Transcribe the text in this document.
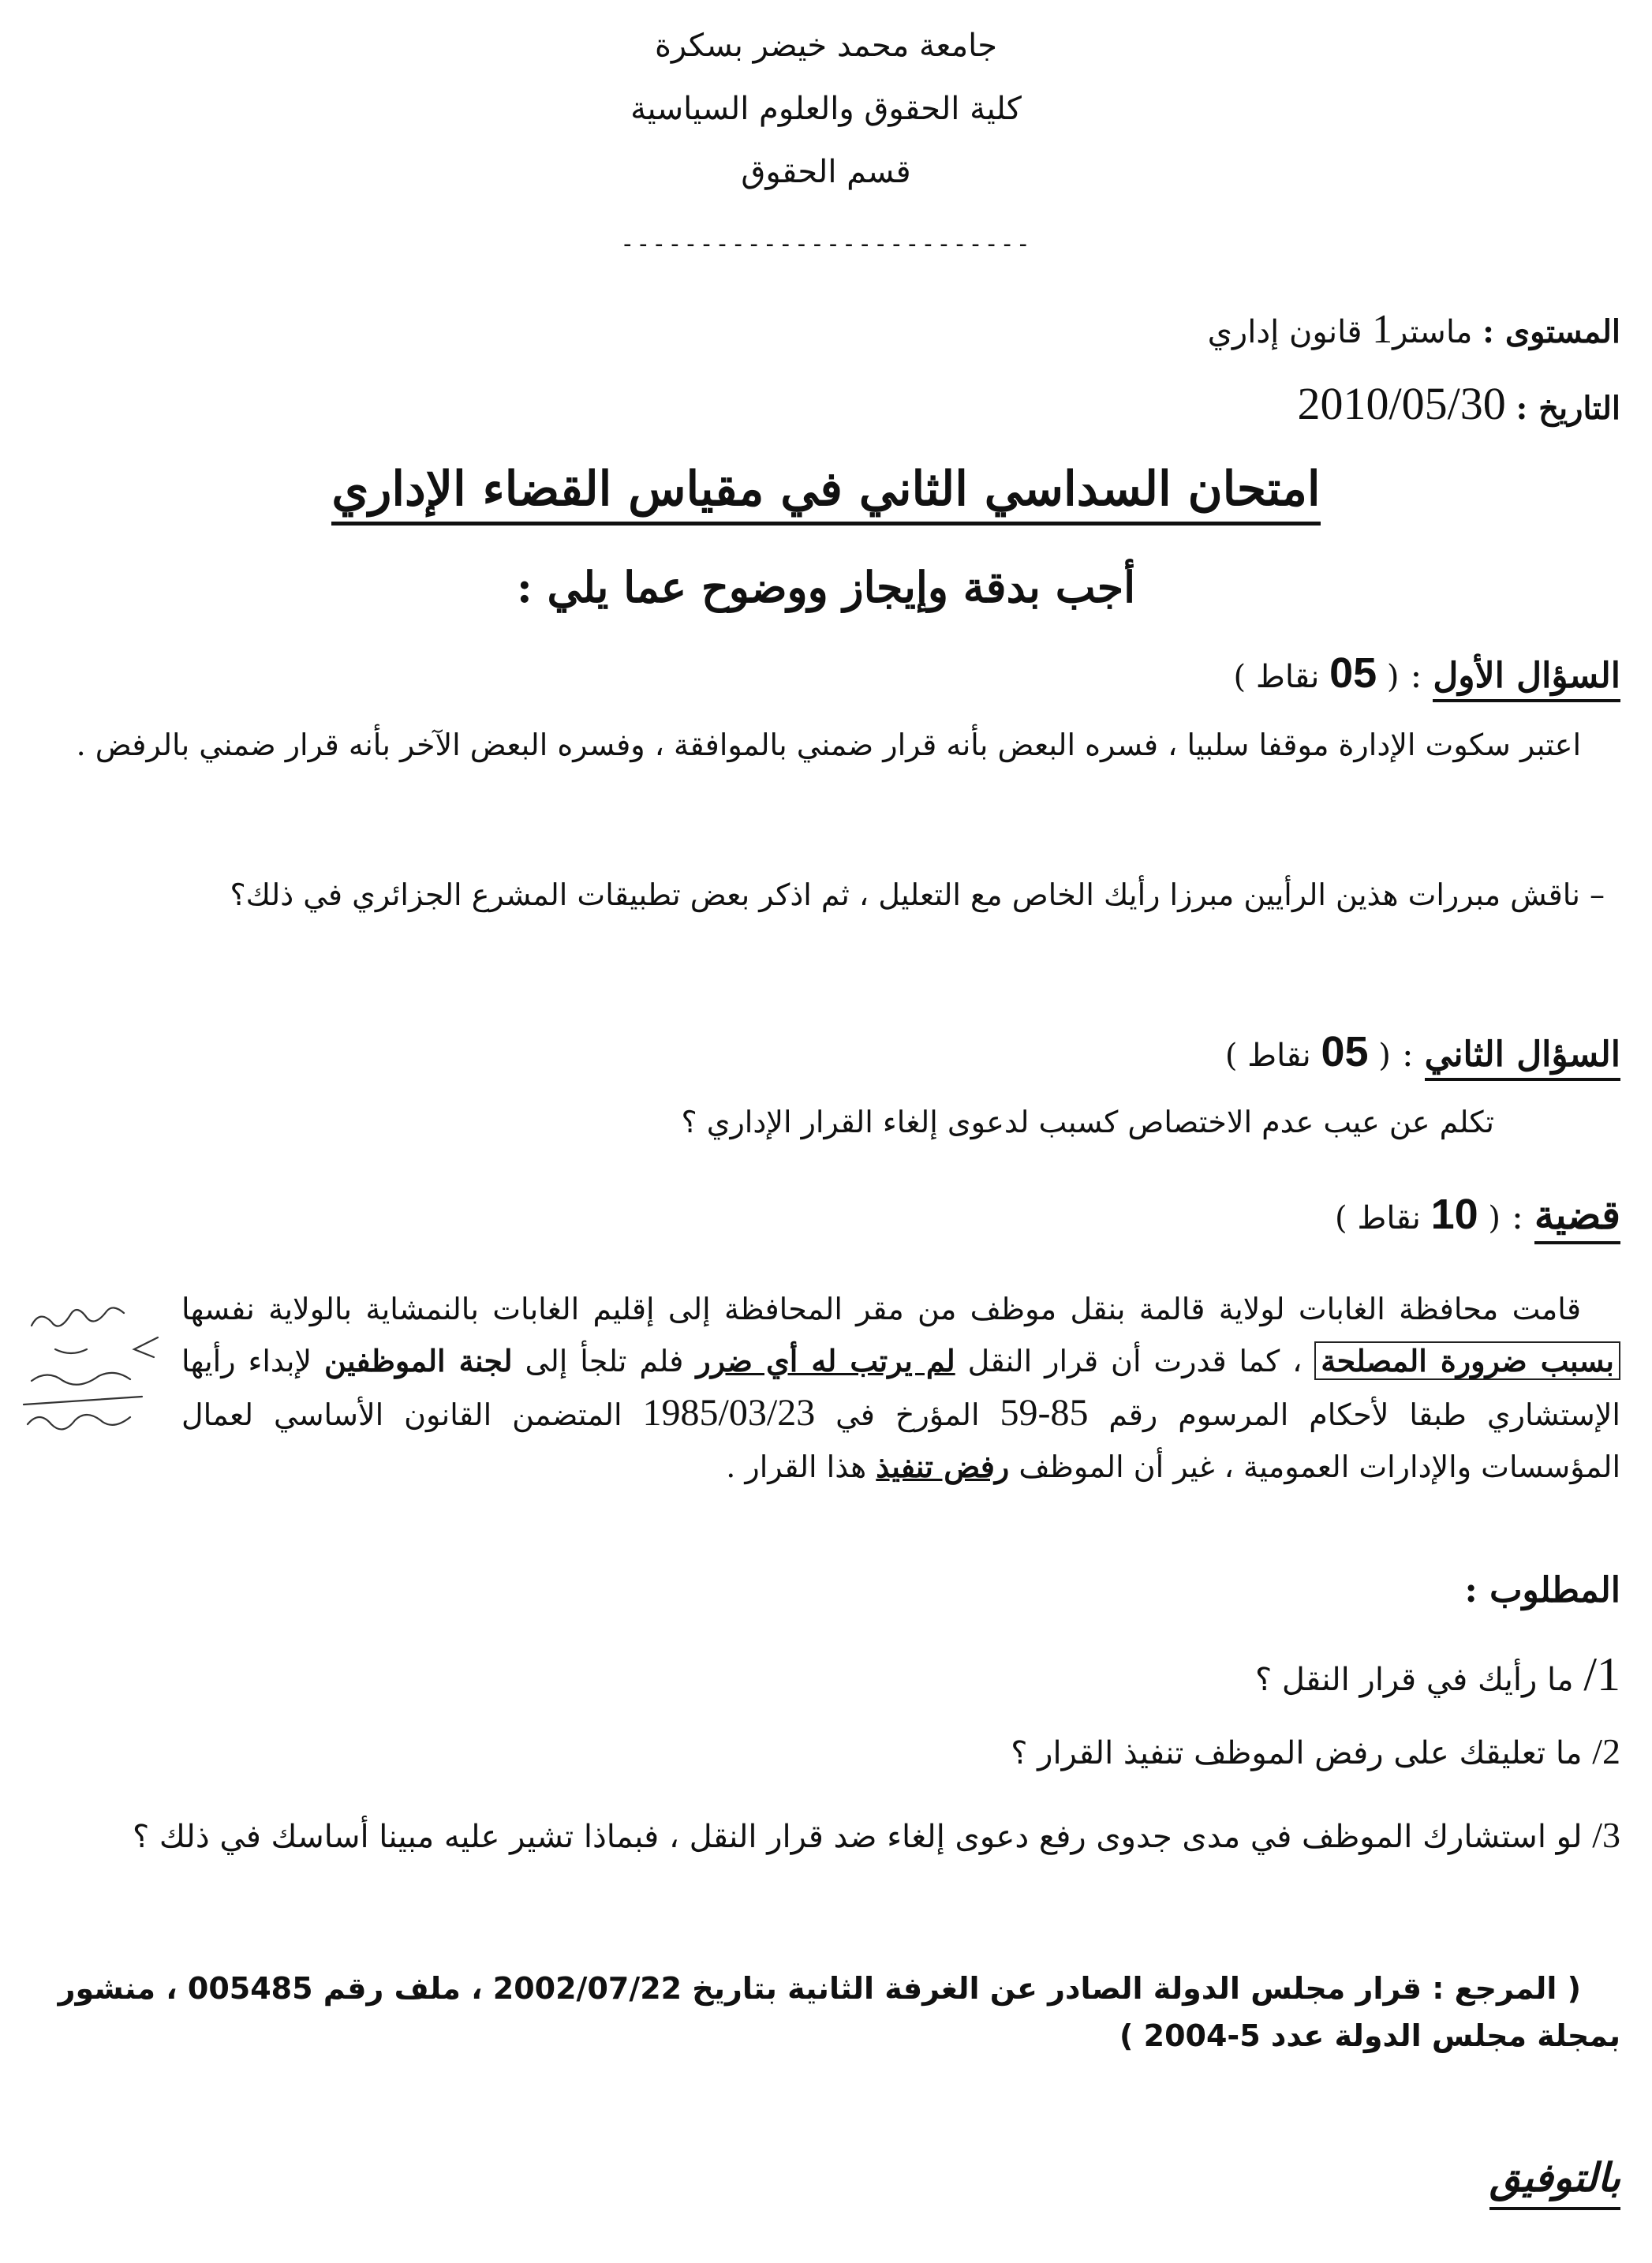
جامعة محمد خيضر بسكرة
كلية الحقوق والعلوم السياسية
قسم الحقوق
--------------------------
المستوى : ماستر1 قانون إداري
التاريخ : 2010/05/30
امتحان السداسي الثاني في مقياس القضاء الإداري
أجب بدقة وإيجاز ووضوح عما يلي :
السؤال الأول : ( 05 نقاط )
اعتبر سكوت الإدارة موقفا سلبيا ، فسره البعض بأنه قرار ضمني بالموافقة ، وفسره البعض الآخر بأنه قرار ضمني بالرفض .
– ناقش مبررات هذين الرأيين مبرزا رأيك الخاص مع التعليل ، ثم اذكر بعض تطبيقات المشرع الجزائري في ذلك؟
السؤال الثاني : ( 05 نقاط )
تكلم عن عيب عدم الاختصاص كسبب لدعوى إلغاء القرار الإداري ؟
قضية : ( 10 نقاط )
قامت محافظة الغابات لولاية قالمة بنقل موظف من مقر المحافظة إلى إقليم الغابات بالنمشاية بالولاية نفسها بسبب ضرورة المصلحة ، كما قدرت أن قرار النقل لم يرتب له أي ضرر فلم تلجأ إلى لجنة الموظفين لإبداء رأيها الإستشاري طبقا لأحكام المرسوم رقم 85-59 المؤرخ في 1985/03/23 المتضمن القانون الأساسي لعمال المؤسسات والإدارات العمومية ، غير أن الموظف رفض تنفيذ هذا القرار .
المطلوب :
1/ ما رأيك في قرار النقل ؟
2/ ما تعليقك على رفض الموظف تنفيذ القرار ؟
3/ لو استشارك الموظف في مدى جدوى رفع دعوى إلغاء ضد قرار النقل ، فبماذا تشير عليه مبينا أساسك في ذلك ؟
( المرجع : قرار مجلس الدولة الصادر عن الغرفة الثانية بتاريخ 2002/07/22 ، ملف رقم 005485 ، منشور بمجلة مجلس الدولة عدد 5-2004 )
بالتوفيق
